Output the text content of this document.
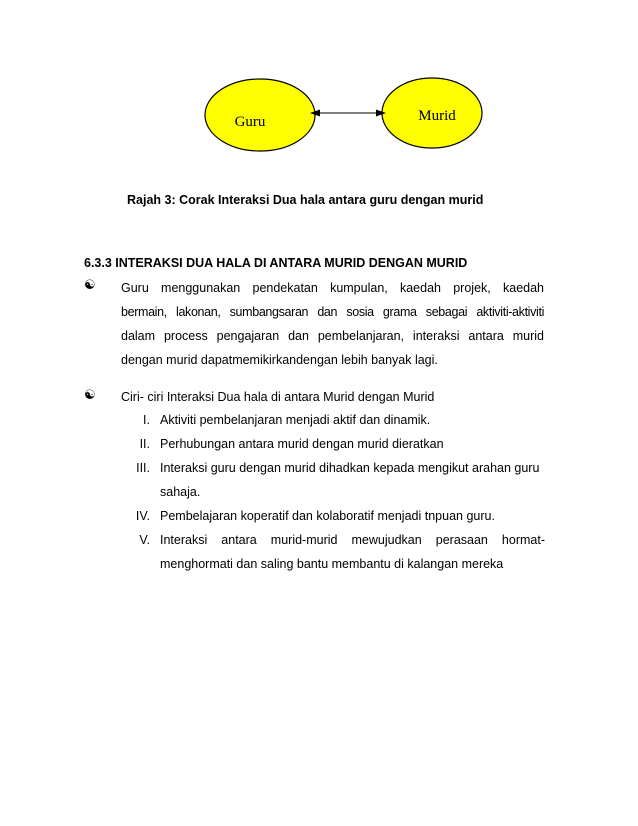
Guru	Murid
Rajah 3: Corak Interaksi Dua hala antara guru dengan murid
6.3.3 INTERAKSI DUA HALA DI ANTARA MURID DENGAN MURID
☯ Guru menggunakan pendekatan kumpulan, kaedah projek, kaedah
bermain, lakonan, sumbangsaran dan sosia grama sebagai aktiviti-aktiviti
dalam process pengajaran dan pembelanjaran, interaksi antara murid
dengan murid dapatmemikirkandengan lebih banyak lagi.
☯ Ciri- ciri Interaksi Dua hala di antara Murid dengan Murid
I. Aktiviti pembelanjaran menjadi aktif dan dinamik.
II. Perhubungan antara murid dengan murid dieratkan
III. Interaksi guru dengan murid dihadkan kepada mengikut arahan guru
sahaja.
IV. Pembelajaran koperatif dan kolaboratif menjadi tnpuan guru.
V. Interaksi antara murid-murid mewujudkan perasaan hormat-
menghormati dan saling bantu membantu di kalangan mereka
